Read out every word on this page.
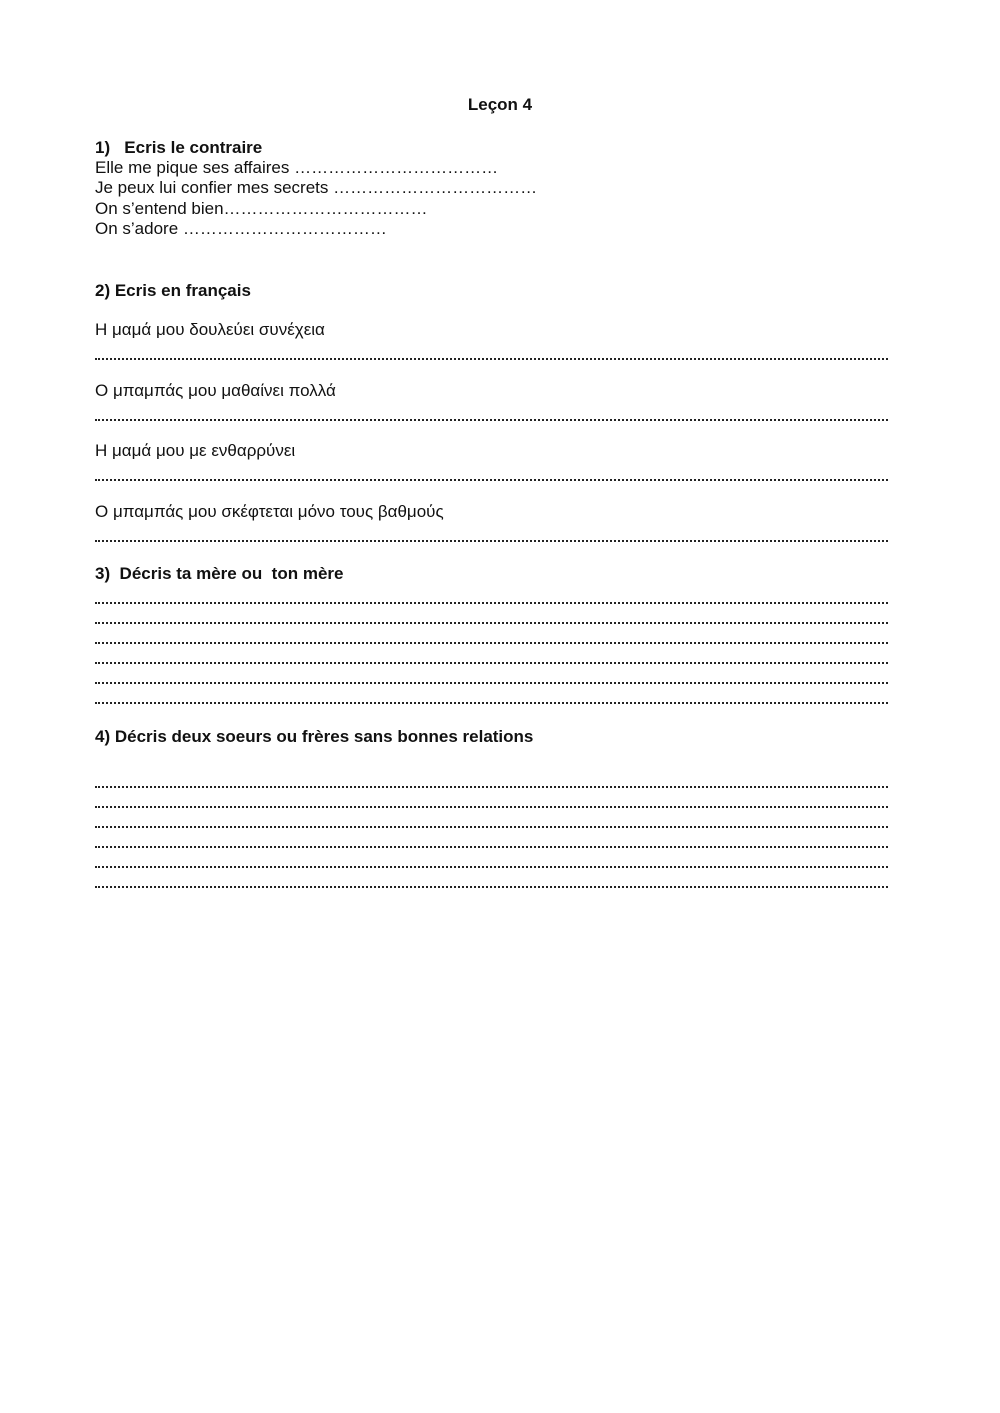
Leçon 4
1)   Ecris le contraire
Elle me pique ses affaires ………………………………
Je peux lui confier mes secrets ………………………………
On s’entend bien………………………………
On s’adore ………………………………
2) Ecris en français
Η μαμά μου δουλεύει συνέχεια
Ο μπαμπάς μου μαθαίνει πολλά
Η μαμά μου με ενθαρρύνει
Ο μπαμπάς μου σκέφτεται μόνο τους βαθμούς
3)  Décris ta mère ou  ton mère
4) Décris deux soeurs ou frères sans bonnes relations
